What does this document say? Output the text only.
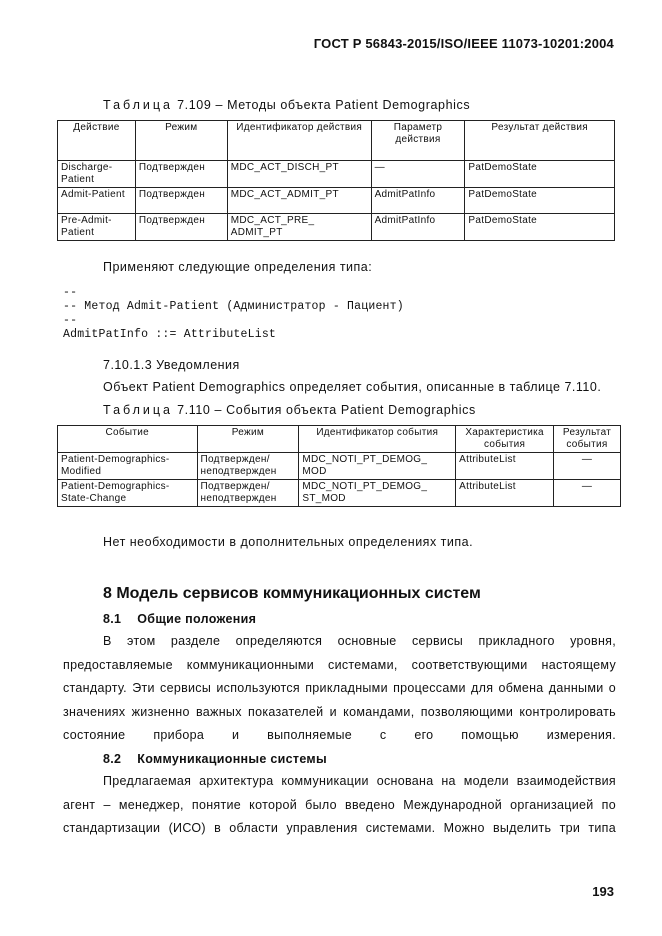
ГОСТ Р 56843-2015/ISO/IEEE 11073-10201:2004
Таблица 7.109 – Методы объекта Patient Demographics
Действие	Режим	Идентификатор действия	Параметр действия	Результат действия
Discharge-Patient	Подтвержден	MDC_ACT_DISCH_PT	—	PatDemoState
Admit-Patient	Подтвержден	MDC_ACT_ADMIT_PT	AdmitPatInfo	PatDemoState
Pre-Admit-Patient	Подтвержден	MDC_ACT_PRE_ ADMIT_PT	AdmitPatInfo	PatDemoState
Применяют следующие определения типа:
--
-- Метод Admit-Patient (Администратор - Пациент)
--
AdmitPatInfo ::= AttributeList
7.10.1.3 Уведомления
Объект Patient Demographics определяет события, описанные в таблице 7.110.
Таблица 7.110 – События объекта Patient Demographics
Событие	Режим	Идентификатор события	Характеристика события	Результат события
Patient-Demographics-Modified	Подтвержден/ неподтвержден	MDC_NOTI_PT_DEMOG_ MOD	AttributeList	—
Patient-Demographics-State-Change	Подтвержден/ неподтвержден	MDC_NOTI_PT_DEMOG_ ST_MOD	AttributeList	—
Нет необходимости в дополнительных определениях типа.
8 Модель сервисов коммуникационных систем
8.1 Общие положения
В этом разделе определяются основные сервисы прикладного уровня, предоставляемые коммуникационными системами, соответствующими настоящему стандарту. Эти сервисы используются прикладными процессами для обмена данными о значениях жизненно важных показателей и командами, позволяющими контролировать состояние прибора и выполняемые с его помощью измерения.
8.2 Коммуникационные системы
Предлагаемая архитектура коммуникации основана на модели взаимодействия агент – менеджер, понятие которой было введено Международной организацией по стандартизации (ИСО) в области управления системами. Можно выделить три типа
193
